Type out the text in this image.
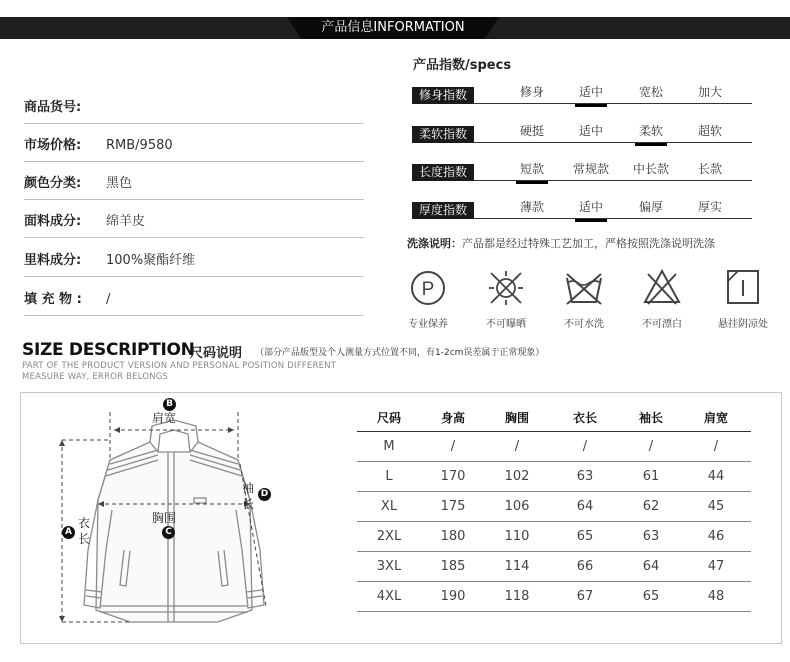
产品信息INFORMATION
商品货号:
市场价格: RMB/9580
颜色分类: 黑色
面料成分: 绵羊皮
里料成分: 100%聚酯纤维
填 充 物 : /
产品指数/specs
修身指数	修身	适中	宽松	加大
柔软指数	硬挺	适中	柔软	超软
长度指数	短款	常规款	中长款	长款
厚度指数	薄款	适中	偏厚	厚实
洗涤说明：产品都是经过特殊工艺加工，严格按照洗涤说明洗涤
P
专业保养	不可曝晒	不可水洗	不可漂白	悬挂阴凉处
SIZE DESCRIPTION
尺码说明 （部分产品版型及个人测量方式位置不同，有1-2cm误差属于正常现象）
PART OF THE PRODUCT VERSION AND PERSONAL POSITION DIFFERENT
MEASURE WAY, ERROR BELONGS
B
肩宽
袖
长
D
胸围
C
衣
长
A
尺码	身高	胸围	衣长	袖长	肩宽
M	/	/	/	/	/
L	170	102	63	61	44
XL	175	106	64	62	45
2XL	180	110	65	63	46
3XL	185	114	66	64	47
4XL	190	118	67	65	48
